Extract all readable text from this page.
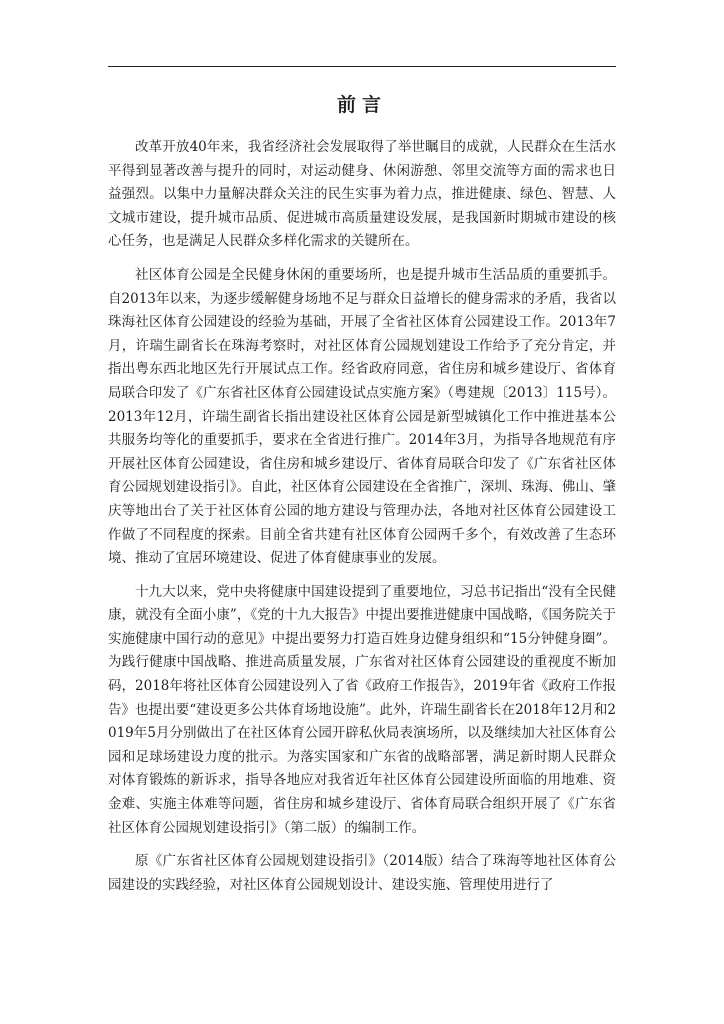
前言

改革开放40年来，我省经济社会发展取得了举世瞩目的成就，人民群众在生活水平得到显著改善与提升的同时，对运动健身、休闲游憩、邻里交流等方面的需求也日益强烈。以集中力量解决群众关注的民生实事为着力点，推进健康、绿色、智慧、人文城市建设，提升城市品质、促进城市高质量建设发展，是我国新时期城市建设的核心任务，也是满足人民群众多样化需求的关键所在。

社区体育公园是全民健身休闲的重要场所，也是提升城市生活品质的重要抓手。自2013年以来，为逐步缓解健身场地不足与群众日益增长的健身需求的矛盾，我省以珠海社区体育公园建设的经验为基础，开展了全省社区体育公园建设工作。2013年7月，许瑞生副省长在珠海考察时，对社区体育公园规划建设工作给予了充分肯定，并指出粤东西北地区先行开展试点工作。经省政府同意，省住房和城乡建设厅、省体育局联合印发了《广东省社区体育公园建设试点实施方案》（粤建规〔2013〕115号）。2013年12月，许瑞生副省长指出建设社区体育公园是新型城镇化工作中推进基本公共服务均等化的重要抓手，要求在全省进行推广。2014年3月，为指导各地规范有序开展社区体育公园建设，省住房和城乡建设厅、省体育局联合印发了《广东省社区体育公园规划建设指引》。自此，社区体育公园建设在全省推广，深圳、珠海、佛山、肇庆等地出台了关于社区体育公园的地方建设与管理办法，各地对社区体育公园建设工作做了不同程度的探索。目前全省共建有社区体育公园两千多个，有效改善了生态环境、推动了宜居环境建设、促进了体育健康事业的发展。

十九大以来，党中央将健康中国建设提到了重要地位，习总书记指出“没有全民健康，就没有全面小康”，《党的十九大报告》中提出要推进健康中国战略，《国务院关于实施健康中国行动的意见》中提出要努力打造百姓身边健身组织和“15分钟健身圈”。为践行健康中国战略、推进高质量发展，广东省对社区体育公园建设的重视度不断加码，2018年将社区体育公园建设列入了省《政府工作报告》，2019年省《政府工作报告》也提出要“建设更多公共体育场地设施”。此外，许瑞生副省长在2018年12月和2019年5月分别做出了在社区体育公园开辟私伙局表演场所，以及继续加大社区体育公园和足球场建设力度的批示。为落实国家和广东省的战略部署，满足新时期人民群众对体育锻炼的新诉求，指导各地应对我省近年社区体育公园建设所面临的用地难、资金难、实施主体难等问题，省住房和城乡建设厅、省体育局联合组织开展了《广东省社区体育公园规划建设指引》（第二版）的编制工作。

原《广东省社区体育公园规划建设指引》（2014版）结合了珠海等地社区体育公园建设的实践经验，对社区体育公园规划设计、建设实施、管理使用进行了
